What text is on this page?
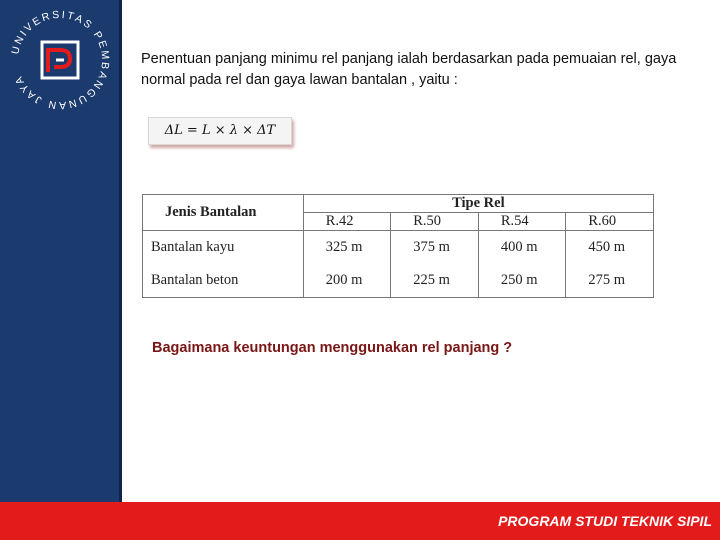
UNIVERSITAS PEMBANGUNAN JAYA
Penentuan panjang minimu rel panjang ialah berdasarkan pada pemuaian rel, gaya normal pada rel dan gaya lawan bantalan , yaitu :
ΔL = L × λ × ΔT
Jenis Bantalan	Tipe Rel			
	R.42	R.50	R.54	R.60
Bantalan kayu	325 m	375 m	400 m	450 m
Bantalan beton	200 m	225 m	250 m	275 m
Bagaimana keuntungan menggunakan rel panjang ?
PROGRAM STUDI TEKNIK SIPIL
